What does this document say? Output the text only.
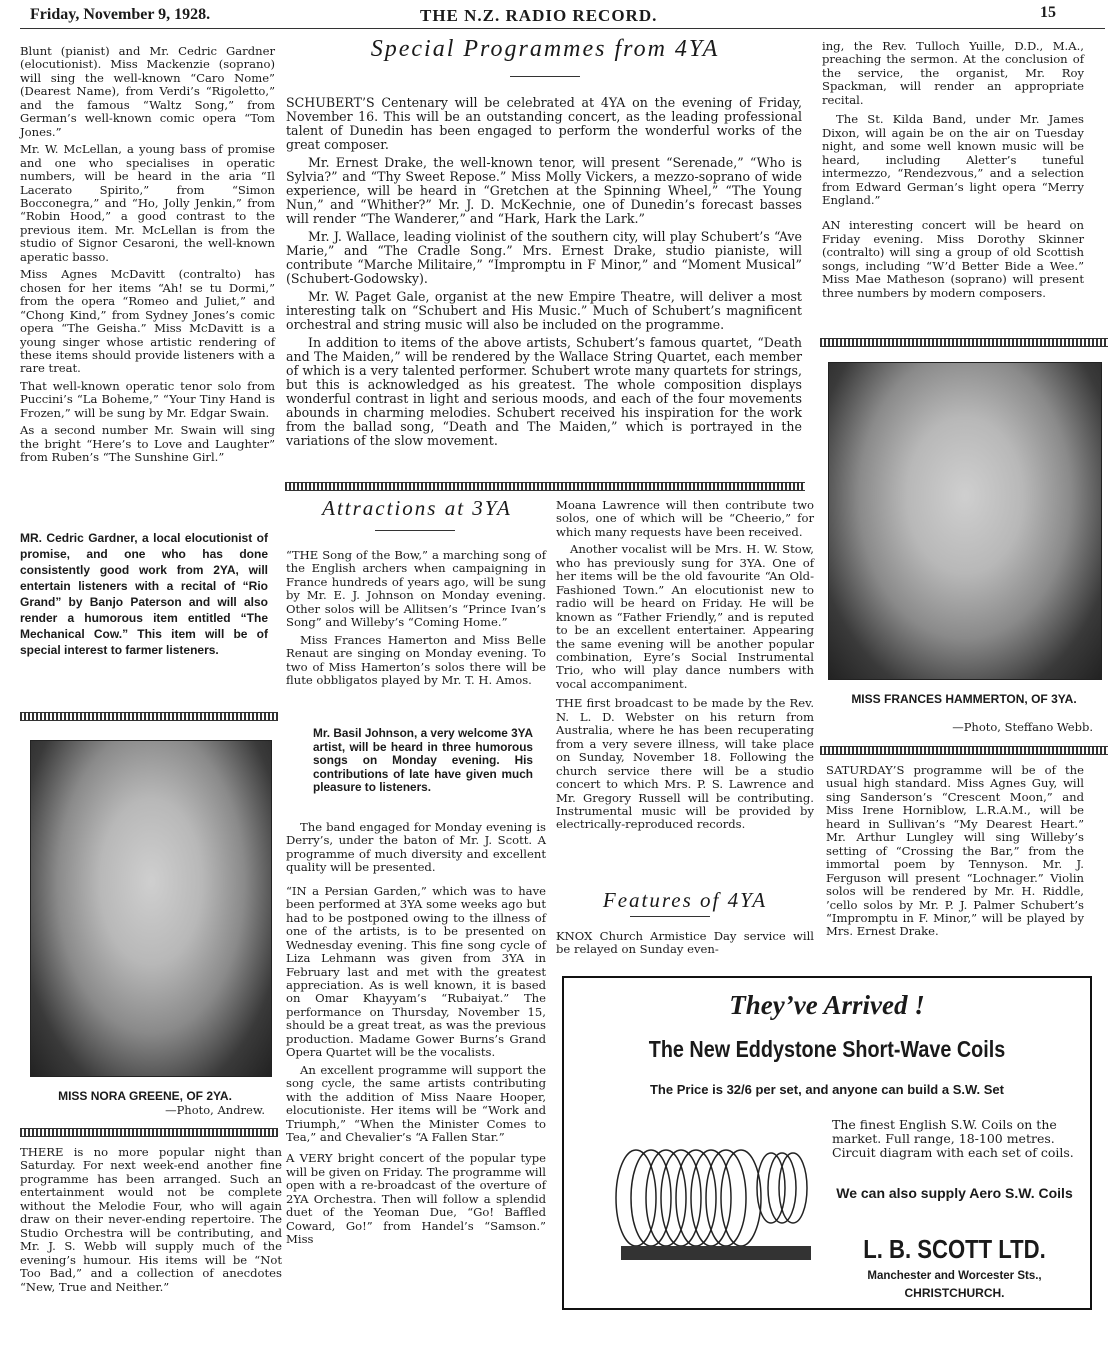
Friday, November 9, 1928.	THE N.Z. RADIO RECORD.	15

Blunt (pianist) and Mr. Cedric Gardner (elocutionist). Miss Mackenzie (soprano) will sing the well-known “Caro Nome” (Dearest Name), from Verdi’s “Rigoletto,” and the famous “Waltz Song,” from German’s well-known comic opera “Tom Jones.”

Mr. W. McLellan, a young bass of promise and one who specialises in operatic numbers, will be heard in the aria “Il Lacerato Spirito,” from “Simon Bocconegra,” and “Ho, Jolly Jenkin,” from “Robin Hood,” a good contrast to the previous item. Mr. McLellan is from the studio of Signor Cesaroni, the well-known aperatic basso.

Miss Agnes McDavitt (contralto) has chosen for her items “Ah! se tu Dormi,” from the opera “Romeo and Juliet,” and “Chong Kind,” from Sydney Jones’s comic opera “The Geisha.” Miss McDavitt is a young singer whose artistic rendering of these items should provide listeners with a rare treat.

That well-known operatic tenor solo from Puccini’s “La Boheme,” “Your Tiny Hand is Frozen,” will be sung by Mr. Edgar Swain.

As a second number Mr. Swain will sing the bright “Here’s to Love and Laughter” from Ruben’s “The Sunshine Girl.”

MR. Cedric Gardner, a local elocutionist of promise, and one who has done consistently good work from 2YA, will entertain listeners with a recital of “Rio Grand” by Banjo Paterson and will also render a humorous item entitled “The Mechanical Cow.” This item will be of special interest to farmer listeners.

MISS NORA GREENE, OF 2YA.
—Photo, Andrew.

THERE is no more popular night than Saturday. For next week-end another fine programme has been arranged. Such an entertainment would not be complete without the Melodie Four, who will again draw on their never-ending repertoire. The Studio Orchestra will be contributing, and Mr. J. S. Webb will supply much of the evening’s humour. His items will be “Not Too Bad,” and a collection of anecdotes “New, True and Neither.”

Special Programmes from 4YA

SCHUBERT’S Centenary will be celebrated at 4YA on the evening of Friday, November 16. This will be an outstanding concert, as the leading professional talent of Dunedin has been engaged to perform the wonderful works of the great composer.

Mr. Ernest Drake, the well-known tenor, will present “Serenade,” “Who is Sylvia?” and “Thy Sweet Repose.” Miss Molly Vickers, a mezzo-soprano of wide experience, will be heard in “Gretchen at the Spinning Wheel,” “The Young Nun,” and “Whither?” Mr. J. D. McKechnie, one of Dunedin’s forecast basses will render “The Wanderer,” and “Hark, Hark the Lark.”

Mr. J. Wallace, leading violinist of the southern city, will play Schubert’s “Ave Marie,” and “The Cradle Song.” Mrs. Ernest Drake, studio pianiste, will contribute “Marche Militaire,” “Impromptu in F Minor,” and “Moment Musical” (Schubert-Godowsky).

Mr. W. Paget Gale, organist at the new Empire Theatre, will deliver a most interesting talk on “Schubert and His Music.” Much of Schubert’s magnificent orchestral and string music will also be included on the programme.

In addition to items of the above artists, Schubert’s famous quartet, “Death and The Maiden,” will be rendered by the Wallace String Quartet, each member of which is a very talented performer. Schubert wrote many quartets for strings, but this is acknowledged as his greatest. The whole composition displays wonderful contrast in light and serious moods, and each of the four movements abounds in charming melodies. Schubert received his inspiration for the work from the ballad song, “Death and The Maiden,” which is portrayed in the variations of the slow movement.

Attractions at 3YA

“THE Song of the Bow,” a marching song of the English archers when campaigning in France hundreds of years ago, will be sung by Mr. E. J. Johnson on Monday evening. Other solos will be Allitsen’s “Prince Ivan’s Song” and Willeby’s “Coming Home.”

Miss Frances Hamerton and Miss Belle Renaut are singing on Monday evening. To two of Miss Hamerton’s solos there will be flute obbligatos played by Mr. T. H. Amos.

Mr. Basil Johnson, a very welcome 3YA artist, will be heard in three humorous songs on Monday evening. His contributions of late have given much pleasure to listeners.

The band engaged for Monday evening is Derry’s, under the baton of Mr. J. Scott. A programme of much diversity and excellent quality will be presented.

“IN a Persian Garden,” which was to have been performed at 3YA some weeks ago but had to be postponed owing to the illness of one of the artists, is to be presented on Wednesday evening. This fine song cycle of Liza Lehmann was given from 3YA in February last and met with the greatest appreciation. As is well known, it is based on Omar Khayyam’s “Rubaiyat.” The performance on Thursday, November 15, should be a great treat, as was the previous production. Madame Gower Burns’s Grand Opera Quartet will be the vocalists.

An excellent programme will support the song cycle, the same artists contributing with the addition of Miss Naare Hooper, elocutioniste. Her items will be “Work and Triumph,” “When the Minister Comes to Tea,” and Chevalier’s “A Fallen Star.”

A VERY bright concert of the popular type will be given on Friday. The programme will open with a re-broadcast of the overture of 2YA Orchestra. Then will follow a splendid duet of the Yeoman Due, “Go! Baffled Coward, Go!” from Handel’s “Samson.” Miss

Moana Lawrence will then contribute two solos, one of which will be “Cheerio,” for which many requests have been received.

Another vocalist will be Mrs. H. W. Stow, who has previously sung for 3YA. One of her items will be the old favourite “An Old-Fashioned Town.” An elocutionist new to radio will be heard on Friday. He will be known as “Father Friendly,” and is reputed to be an excellent entertainer. Appearing the same evening will be another popular combination, Eyre’s Social Instrumental Trio, who will play dance numbers with vocal accompaniment.

THE first broadcast to be made by the Rev. N. L. D. Webster on his return from Australia, where he has been recuperating from a very severe illness, will take place on Sunday, November 18. Following the church service there will be a studio concert to which Mrs. P. S. Lawrence and Mr. Gregory Russell will be contributing. Instrumental music will be provided by electrically-reproduced records.

Features of 4YA

KNOX Church Armistice Day service will be relayed on Sunday even-

ing, the Rev. Tulloch Yuille, D.D., M.A., preaching the sermon. At the conclusion of the service, the organist, Mr. Roy Spackman, will render an appropriate recital.

The St. Kilda Band, under Mr. James Dixon, will again be on the air on Tuesday night, and some well known music will be heard, including Aletter’s tuneful intermezzo, “Rendezvous,” and a selection from Edward German’s light opera “Merry England.”

AN interesting concert will be heard on Friday evening. Miss Dorothy Skinner (contralto) will sing a group of old Scottish songs, including “W’d Better Bide a Wee.” Miss Mae Matheson (soprano) will present three numbers by modern composers.

MISS FRANCES HAMMERTON, OF 3YA.
—Photo, Steffano Webb.

SATURDAY’S programme will be of the usual high standard. Miss Agnes Guy, will sing Sanderson’s “Crescent Moon,” and Miss Irene Horniblow, L.R.A.M., will be heard in Sullivan’s “My Dearest Heart.” Mr. Arthur Lungley will sing Willeby’s setting of “Crossing the Bar,” from the immortal poem by Tennyson. Mr. J. Ferguson will present “Lochnager.” Violin solos will be rendered by Mr. H. Riddle, ’cello solos by Mr. P. J. Palmer Schubert’s “Impromptu in F. Minor,” will be played by Mrs. Ernest Drake.

They’ve Arrived !
The New Eddystone Short-Wave Coils
The Price is 32/6 per set, and anyone can build a S.W. Set
The finest English S.W. Coils on the market. Full range, 18-100 metres. Circuit diagram with each set of coils.
We can also supply Aero S.W. Coils
L. B. SCOTT LTD.
Manchester and Worcester Sts.,
CHRISTCHURCH.
